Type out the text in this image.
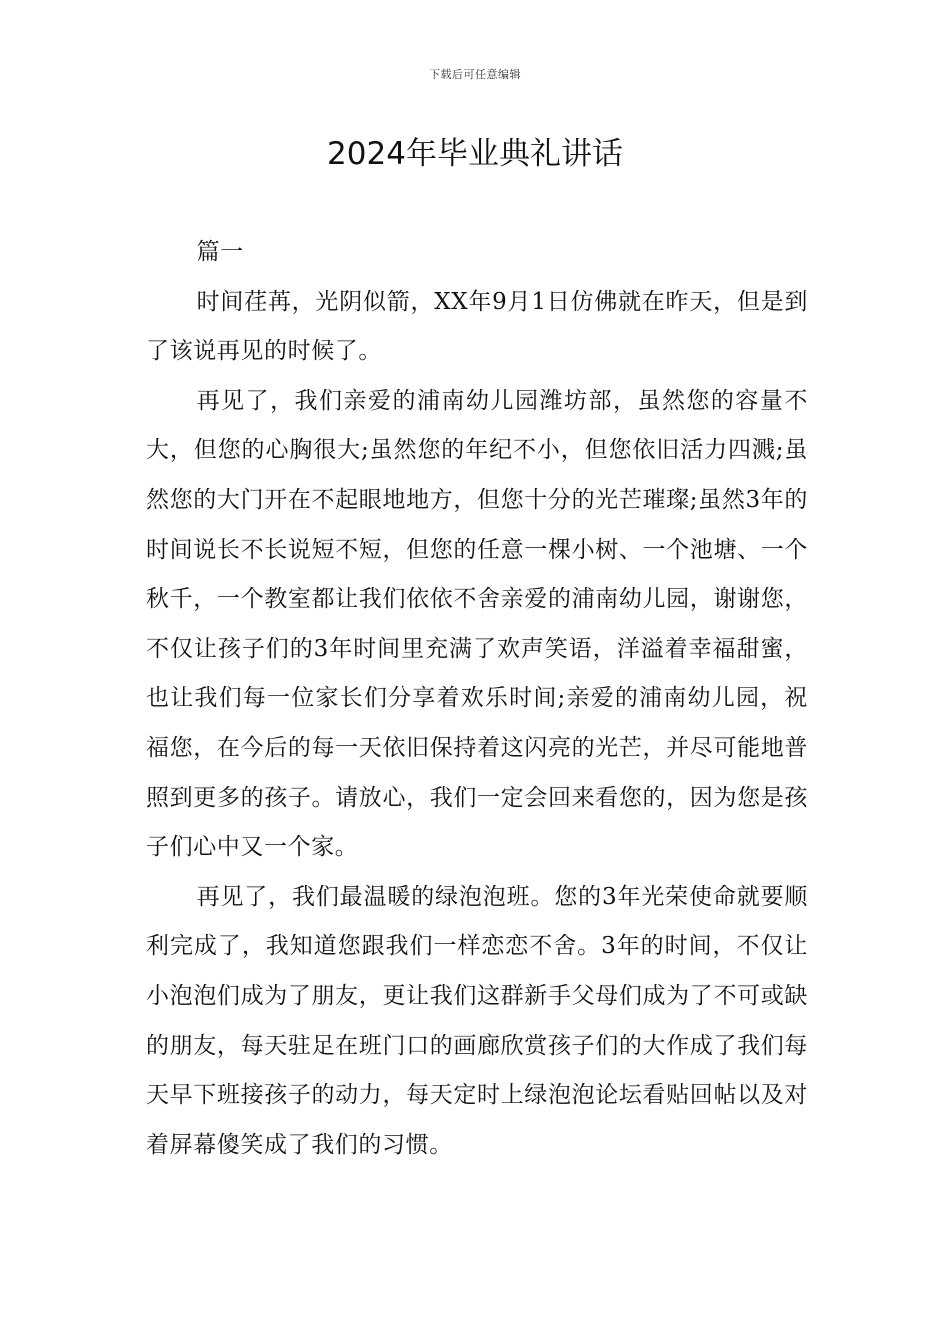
下载后可任意编辑
2024年毕业典礼讲话

篇一

时间荏苒，光阴似箭，XX年9月1日仿佛就在昨天，但是到了该说再见的时候了。

再见了，我们亲爱的浦南幼儿园潍坊部，虽然您的容量不大，但您的心胸很大;虽然您的年纪不小，但您依旧活力四溅;虽然您的大门开在不起眼地地方，但您十分的光芒璀璨;虽然3年的时间说长不长说短不短，但您的任意一棵小树、一个池塘、一个秋千，一个教室都让我们依依不舍亲爱的浦南幼儿园，谢谢您，不仅让孩子们的3年时间里充满了欢声笑语，洋溢着幸福甜蜜，也让我们每一位家长们分享着欢乐时间;亲爱的浦南幼儿园，祝福您，在今后的每一天依旧保持着这闪亮的光芒，并尽可能地普照到更多的孩子。请放心，我们一定会回来看您的，因为您是孩子们心中又一个家。

再见了，我们最温暖的绿泡泡班。您的3年光荣使命就要顺利完成了，我知道您跟我们一样恋恋不舍。3年的时间，不仅让小泡泡们成为了朋友，更让我们这群新手父母们成为了不可或缺的朋友，每天驻足在班门口的画廊欣赏孩子们的大作成了我们每天早下班接孩子的动力，每天定时上绿泡泡论坛看贴回帖以及对着屏幕傻笑成了我们的习惯。
